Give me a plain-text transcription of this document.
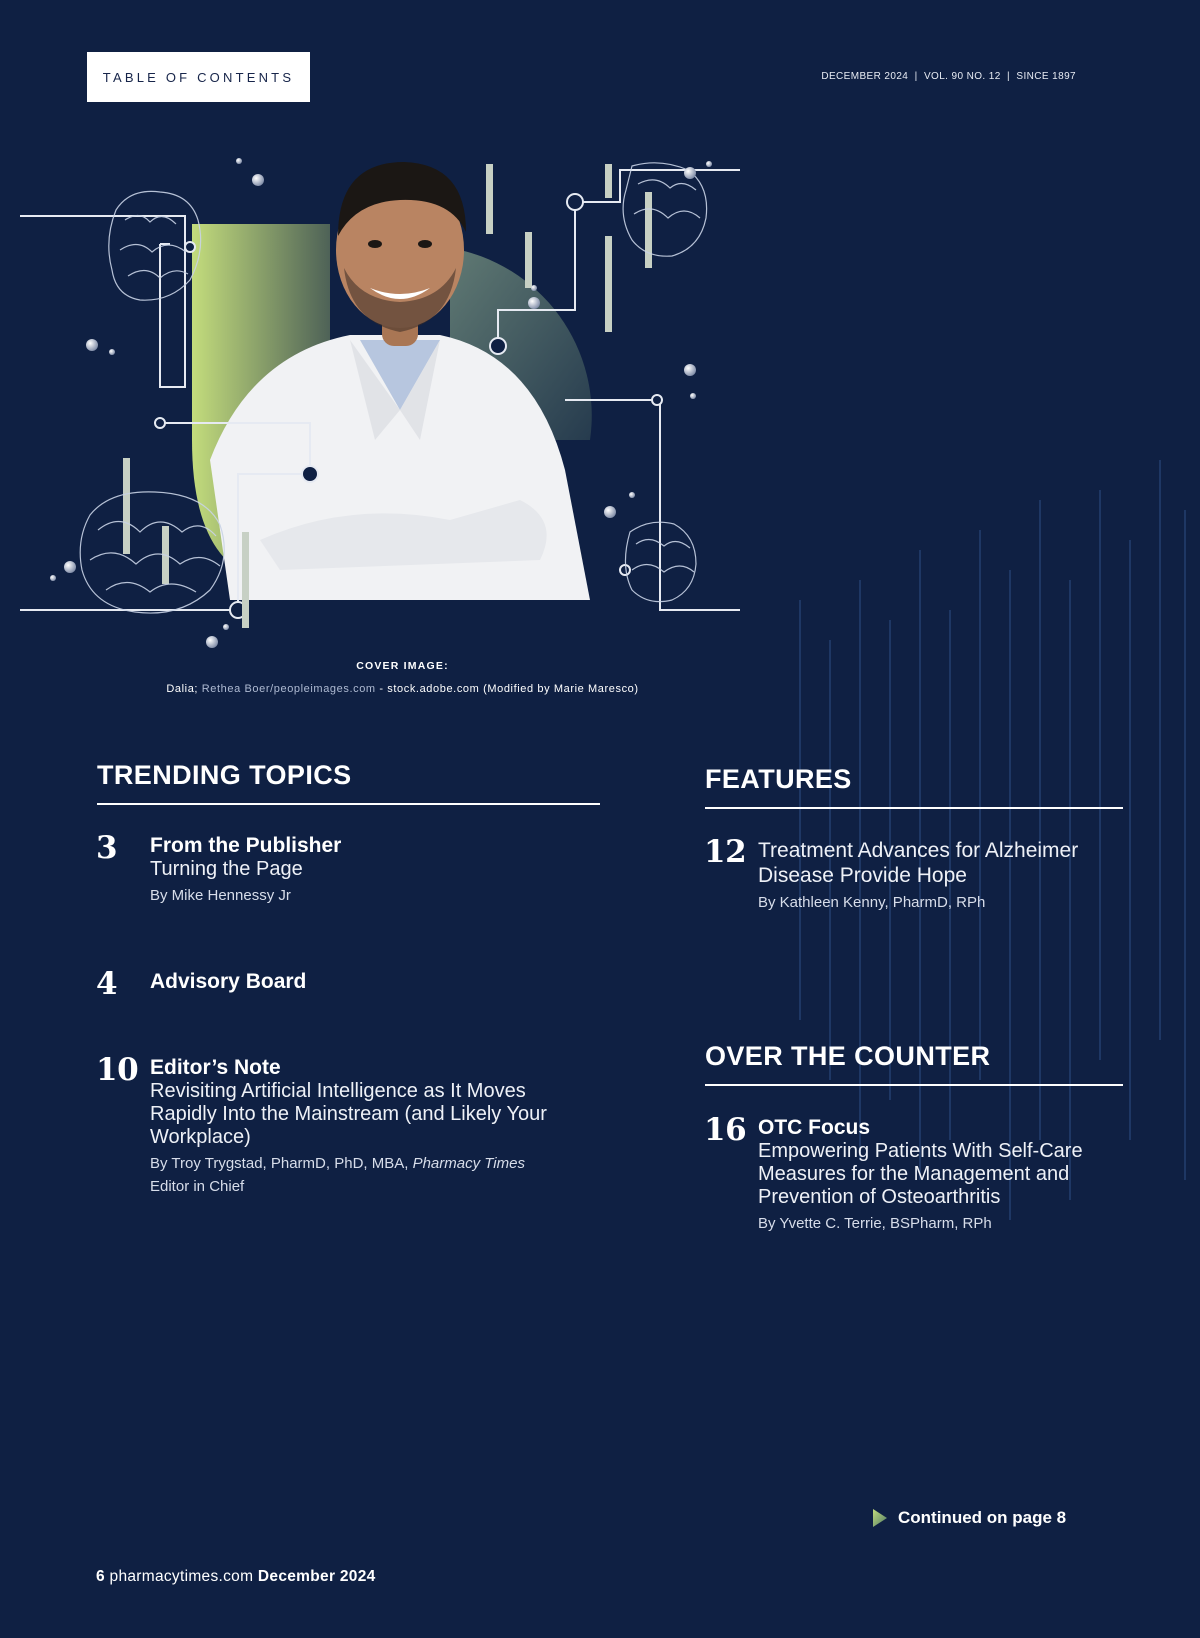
TABLE OF CONTENTS	DECEMBER 2024  |  VOL. 90 NO. 12  |  SINCE 1897
COVER IMAGE:
Dalia; Rethea Boer/peopleimages.com - stock.adobe.com (Modified by Marie Maresco)
TRENDING TOPICS
3 From the Publisher
Turning the Page
By Mike Hennessy Jr
4 Advisory Board
10 Editor’s Note
Revisiting Artificial Intelligence as It Moves Rapidly Into the Mainstream (and Likely Your Workplace)
By Troy Trygstad, PharmD, PhD, MBA, Pharmacy Times
Editor in Chief
FEATURES
12 Treatment Advances for Alzheimer Disease Provide Hope
By Kathleen Kenny, PharmD, RPh
OVER THE COUNTER
16 OTC Focus
Empowering Patients With Self-Care Measures for the Management and Prevention of Osteoarthritis
By Yvette C. Terrie, BSPharm, RPh
Continued on page 8
6 pharmacytimes.com December 2024
